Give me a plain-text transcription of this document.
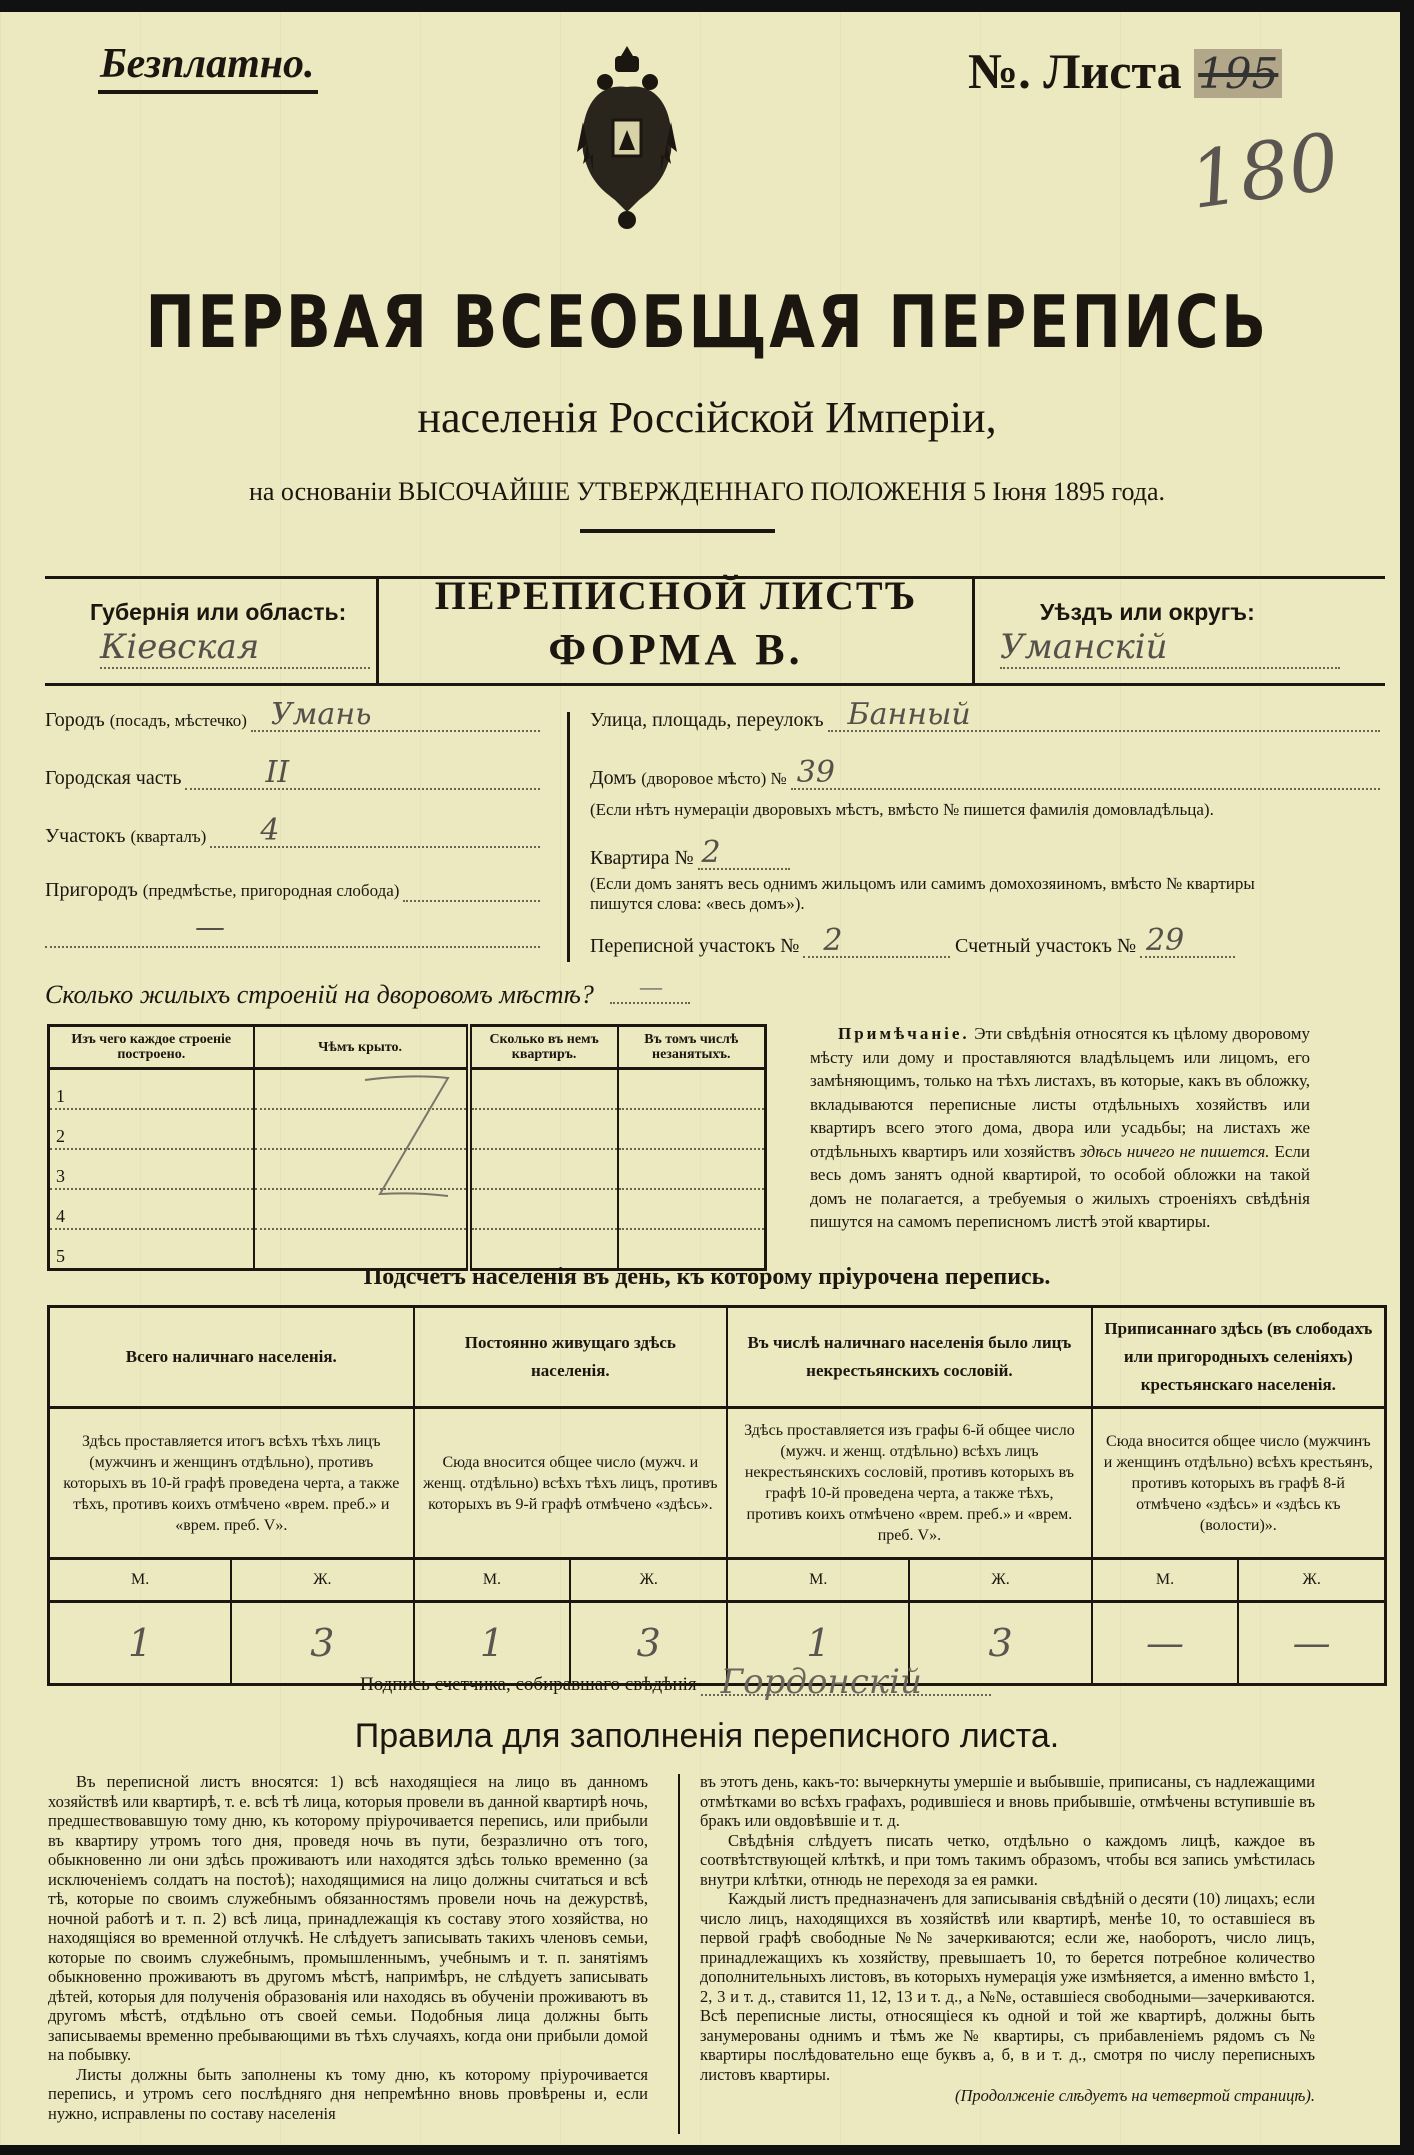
Безплатно.	№. Листа 195
180
ПЕРВАЯ ВСЕОБЩАЯ ПЕРЕПИСЬ
населенія Россійской Имперіи,
на основаніи ВЫСОЧАЙШЕ УТВЕРЖДЕННАГО ПОЛОЖЕНІЯ 5 Іюня 1895 года.
Губернія или область:
Кіевская
ПЕРЕПИСНОЙ ЛИСТЪ
ФОРМА В.
Уѣздъ или округъ:
Уманскій
Городъ (посадъ, мѣстечко) Умань
Городская часть	II
Участокъ (кварталъ) 4
Пригородъ (предмѣстье, пригородная слобода)
—
Улица, площадь, переулокъ Банный
Домъ (дворовое мѣсто) № 39
(Если нѣтъ нумераціи дворовыхъ мѣстъ, вмѣсто № пишется фамилія домовладѣльца).
Квартира № 2
(Если домъ занятъ весь однимъ жильцомъ или самимъ домохозяиномъ, вмѣсто № квартиры пишутся слова: «весь домъ»).
Переписной участокъ № 2	Счетный участокъ № 29
Сколько жилыхъ строеній на дворовомъ мѣстѣ? —
Изъ чего каждое строеніе построено.	Чѣмъ крыто.	Сколько въ немъ квартиръ.	Въ томъ числѣ незанятыхъ.
1			
2			
3			
4			
5			
Примѣчаніе. Эти свѣдѣнія относятся къ цѣлому дворовому мѣсту или дому и проставляются владѣльцемъ или лицомъ, его замѣняющимъ, только на тѣхъ листахъ, въ которые, какъ въ обложку, вкладываются переписные листы отдѣльныхъ хозяйствъ или квартиръ всего этого дома, двора или усадьбы; на листахъ же отдѣльныхъ квартиръ или хозяйствъ здѣсь ничего не пишется. Если весь домъ занятъ одной квартирой, то особой обложки на такой домъ не полагается, а требуемыя о жилыхъ строеніяхъ свѣдѣнія пишутся на самомъ переписномъ листѣ этой квартиры.
Подсчетъ населенія въ день, къ которому пріурочена перепись.
Всего наличнаго населенія.		Постоянно живущаго здѣсь населенія.		Въ числѣ наличнаго населенія было лицъ некрестьянскихъ сословій.		Приписаннаго здѣсь (въ слободахъ или пригородныхъ селеніяхъ) крестьянскаго населенія.	
Здѣсь проставляется итогъ всѣхъ тѣхъ лицъ (мужчинъ и женщинъ отдѣльно), противъ которыхъ въ 10-й графѣ проведена черта, а также тѣхъ, противъ коихъ отмѣчено «врем. преб.» и «врем. преб. V».		Сюда вносится общее число (мужч. и женщ. отдѣльно) всѣхъ тѣхъ лицъ, противъ которыхъ въ 9-й графѣ отмѣчено «здѣсь».		Здѣсь проставляется изъ графы 6-й общее число (мужч. и женщ. отдѣльно) всѣхъ лицъ некрестьянскихъ сословій, противъ которыхъ въ графѣ 10-й проведена черта, а также тѣхъ, противъ коихъ отмѣчено «врем. преб.» и «врем. преб. V».		Сюда вносится общее число (мужчинъ и женщинъ отдѣльно) всѣхъ крестьянъ, противъ которыхъ въ графѣ 8-й отмѣчено «здѣсь» и «здѣсь къ (волости)».	
М.	Ж.	М.	Ж.	М.	Ж.	М.	Ж.
1	3	1	3	1	3	—	—
Подпись счетчика, собиравшаго свѣдѣнія Гордонскій
Правила для заполненія переписного листа.

Въ переписной листъ вносятся: 1) всѣ находящіеся на лицо въ данномъ хозяйствѣ или квартирѣ, т. е. всѣ тѣ лица, которыя провели въ данной квартирѣ ночь, предшествовавшую тому дню, къ которому пріурочивается перепись, или прибыли въ квартиру утромъ того дня, проведя ночь въ пути, безразлично отъ того, обыкновенно ли они здѣсь проживаютъ или находятся здѣсь только временно (за исключеніемъ солдатъ на постоѣ); находящимися на лицо должны считаться и всѣ тѣ, которые по своимъ служебнымъ обязанностямъ провели ночь на дежурствѣ, ночной работѣ и т. п. 2) всѣ лица, принадлежащія къ составу этого хозяйства, но находящіяся во временной отлучкѣ. Не слѣдуетъ записывать такихъ членовъ семьи, которые по своимъ служебнымъ, промышленнымъ, учебнымъ и т. п. занятіямъ обыкновенно проживаютъ въ другомъ мѣстѣ, напримѣръ, не слѣдуетъ записывать дѣтей, которыя для полученія образованія или находясь въ обученіи проживаютъ въ другомъ мѣстѣ, отдѣльно отъ своей семьи. Подобныя лица должны быть записываемы временно пребывающими въ тѣхъ случаяхъ, когда они прибыли домой на побывку.

Листы должны быть заполнены къ тому дню, къ которому пріурочивается перепись, и утромъ сего послѣдняго дня непремѣнно вновь провѣрены и, если нужно, исправлены по составу населенія

въ этотъ день, какъ-то: вычеркнуты умершіе и выбывшіе, приписаны, съ надлежащими отмѣтками во всѣхъ графахъ, родившіеся и вновь прибывшіе, отмѣчены вступившіе въ бракъ или овдовѣвшіе и т. д.

Свѣдѣнія слѣдуетъ писать четко, отдѣльно о каждомъ лицѣ, каждое въ соотвѣтствующей клѣткѣ, и при томъ такимъ образомъ, чтобы вся запись умѣстилась внутри клѣтки, отнюдь не переходя за ея рамки.

Каждый листъ предназначенъ для записыванія свѣдѣній о десяти (10) лицахъ; если число лицъ, находящихся въ хозяйствѣ или квартирѣ, менѣе 10, то оставшіеся въ первой графѣ свободные №№ зачеркиваются; если же, наоборотъ, число лицъ, принадлежащихъ къ хозяйству, превышаетъ 10, то берется потребное количество дополнительныхъ листовъ, въ которыхъ нумерація уже измѣняется, а именно вмѣсто 1, 2, 3 и т. д., ставится 11, 12, 13 и т. д., а №№, оставшіеся свободными—зачеркиваются. Всѣ переписные листы, относящіеся къ одной и той же квартирѣ, должны быть занумерованы однимъ и тѣмъ же № квартиры, съ прибавленіемъ рядомъ съ № квартиры послѣдовательно еще буквъ а, б, в и т. д., смотря по числу переписныхъ листовъ квартиры.

(Продолженіе слѣдуетъ на четвертой страницѣ).
